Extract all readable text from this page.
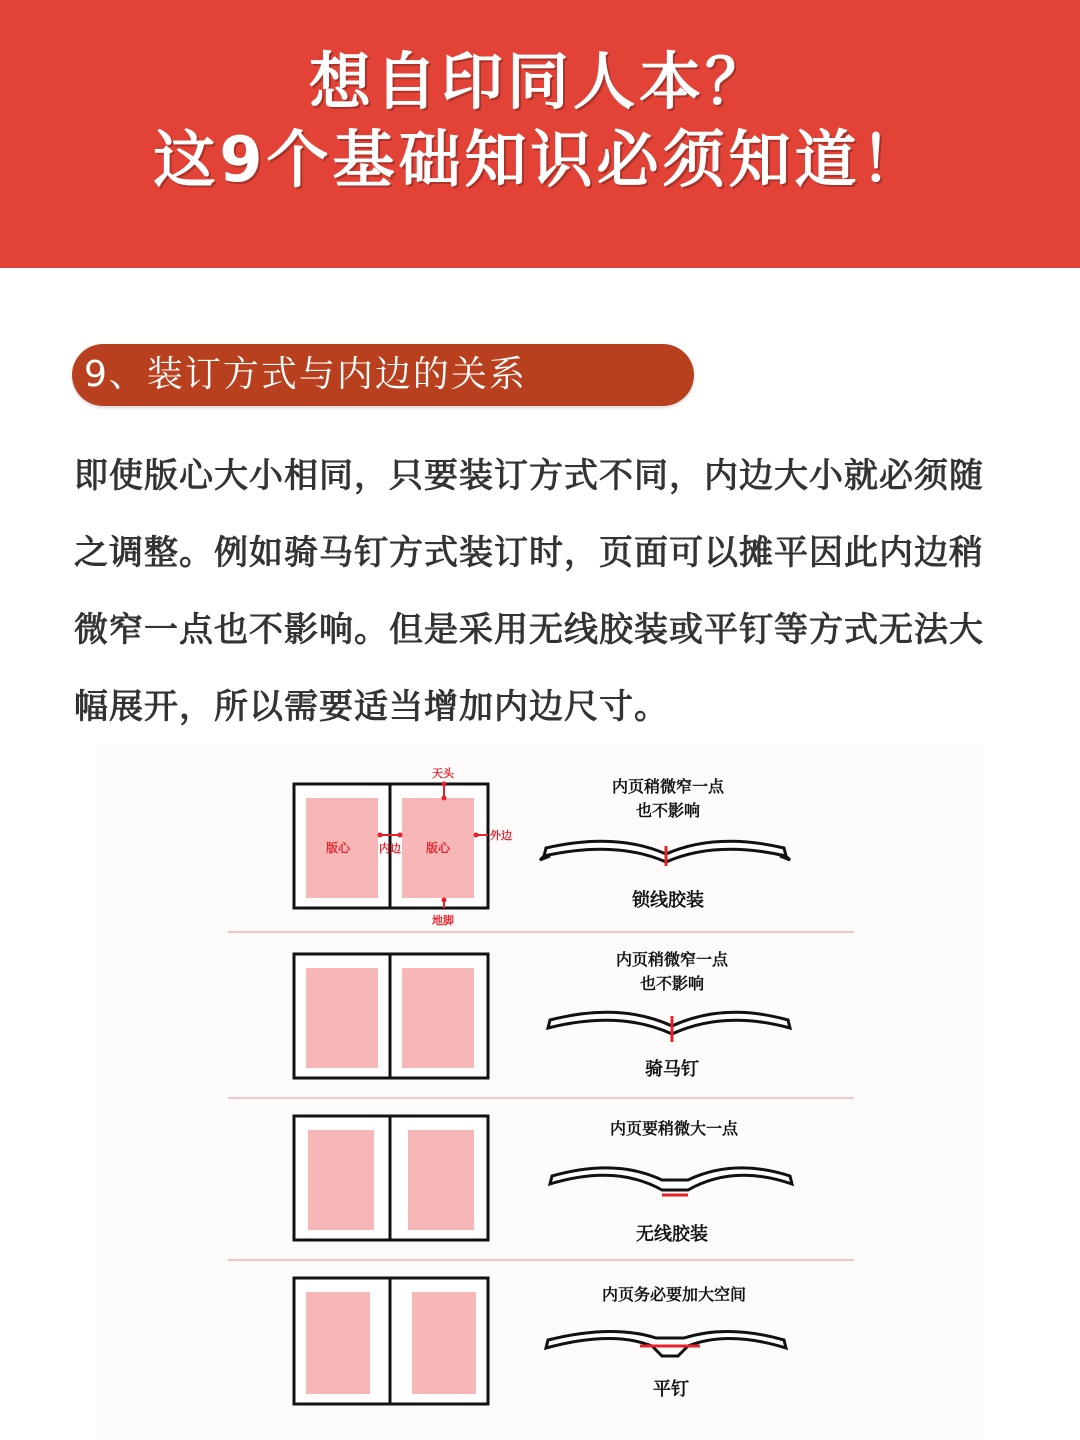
想自印同人本？
这9个基础知识必须知道！
9、装订方式与内边的关系

即使版心大小相同，只要装订方式不同，内边大小就必须随之调整。例如骑马钉方式装订时，页面可以摊平因此内边稍微窄一点也不影响。但是采用无线胶装或平钉等方式无法大幅展开，所以需要适当增加内边尺寸。

版心	版心
天头
地脚
内边
外边
内页稍微窄一点
也不影响
锁线胶装
内页稍微窄一点
也不影响
骑马钉
内页要稍微大一点
无线胶装
内页务必要加大空间
平钉
